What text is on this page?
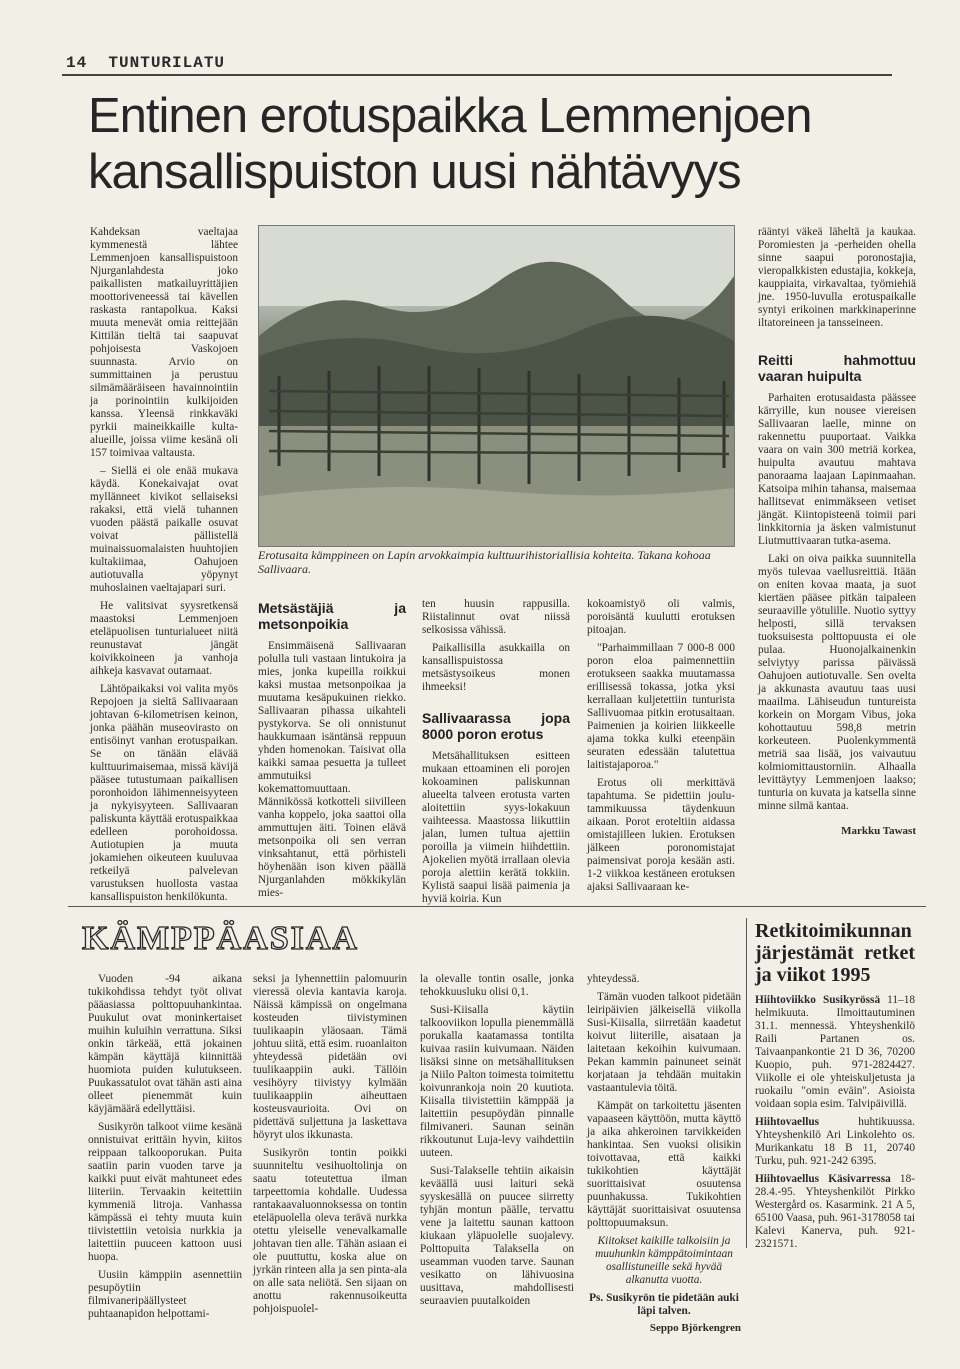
14 TUNTURILATU
Entinen erotuspaikka Lemmenjoen
kansallispuiston uusi nähtävyys

Kahdeksan vaeltajaa kymmenestä lähtee Lemmenjoen kansallispuistoon Njurganlahdesta joko paikallisten matkailuyrittäjien moottoriveneessä tai kävellen raskasta rantapolkua. Kaksi muuta menevät omia reittejään Kittilän tieltä tai saapuvat pohjoisesta Vaskojoen suunnasta. Arvio on summittainen ja perustuu silmämääräiseen havainnointiin ja porinointiin kulkijoiden kanssa. Yleensä rinkkaväki pyrkii maineikkaille kulta-alueille, joissa viime kesänä oli 157 toimivaa valtausta.

– Siellä ei ole enää mukava käydä. Konekaivajat ovat myllänneet kivikot sellaiseksi rakaksi, että vielä tuhannen vuoden päästä paikalle osuvat voivat pällistellä muinaissuomalaisten huuhtojien kultakiimaa, Oahujoen autiotuvalla yöpynyt muhoslainen vaeltajapari suri.

He valitsivat syysretkensä maastoksi Lemmenjoen eteläpuolisen tunturialueet niitä reunustavat jängät koivikkoineen ja vanhoja aihkeja kasvavat outamaat.

Lähtöpaikaksi voi valita myös Repojoen ja sieltä Sallivaaraan johtavan 6-kilometrisen keinon, jonka päähän museovirasto on entisöinyt vanhan erotuspaikan. Se on tänään elävää kulttuurimaisemaa, missä kävijä pääsee tutustumaan paikallisen poronhoidon lähimenneisyyteen ja nykyisyyteen. Sallivaaran paliskunta käyttää erotuspaikkaa edelleen porohoidossa. Autiotupien ja muuta jokamiehen oikeuteen kuuluvaa retkeilyä palvelevan varustuksen huollosta vastaa kansallispuiston henkilökunta.

Erotusaita kämppineen on Lapin arvokkaimpia kulttuurihistoriallisia kohteita. Takana kohoaa Sallivaara.
Metsästäjiä ja metsonpoikia

Ensimmäisenä Sallivaaran polulla tuli vastaan lintukoira ja mies, jonka kupeilla roikkui kaksi mustaa metsonpoikaa ja muutama kesäpukuinen riekko. Sallivaaran pihassa uikahteli pystykorva. Se oli onnistunut haukkumaan isäntänsä reppuun yhden homenokan. Taisivat olla kaikki samaa pesuetta ja tulleet ammutuiksi kokemattomuuttaan. Männikössä kotkotteli siivilleen vanha koppelo, joka saattoi olla ammuttujen äiti. Toinen elävä metsonpoika oli sen verran vinksahtanut, että pörhisteli höyhenään ison kiven päällä Njurganlahden mökkikylän mies-

ten huusin rappusilla. Riistalinnut ovat niissä selkosissa vähissä.

Paikallisilla asukkailla on kansallispuistossa metsästysoikeus monen ihmeeksi!

Sallivaarassa jopa 8000 poron erotus

Metsähallituksen esitteen mukaan ettoaminen eli porojen kokoaminen paliskunnan alueelta talveen erotusta varten aloitettiin syys-lokakuun vaihteessa. Maastossa liikuttiin jalan, lumen tultua ajettiin poroilla ja viimein hiihdettiin. Ajokelien myötä irrallaan olevia poroja alettiin kerätä tokkiin. Kylistä saapui lisää paimenia ja hyviä koiria. Kun

kokoamistyö oli valmis, poroisäntä kuulutti erotuksen pitoajan.

"Parhaimmillaan 7 000-8 000 poron eloa paimennettiin erotukseen saakka muutamassa erillisessä tokassa, jotka yksi kerrallaan kuljetettiin tunturista Sallivuomaa pitkin erotusaitaan. Paimenien ja koirien liikkeelle ajama tokka kulki eteenpäin seuraten edessään talutettua laitistajaporoa."

Erotus oli merkittävä tapahtuma. Se pidettiin joulu-tammikuussa täydenkuun aikaan. Porot eroteltiin aidassa omistajilleen lukien. Erotuksen jälkeen poronomistajat paimensivat poroja kesään asti. 1-2 viikkoa kestäneen erotuksen ajaksi Sallivaaraan ke-

rääntyi väkeä läheltä ja kaukaa. Poromiesten ja -perheiden ohella sinne saapui poronostajia, vieropalkkisten edustajia, kokkeja, kauppiaita, virkavaltaa, työmiehiä jne. 1950-luvulla erotuspaikalle syntyi erikoinen markkinaperinne iltatoreineen ja tansseineen.

Reitti hahmottuu vaaran huipulta

Parhaiten erotusaidasta päässee kärryille, kun nousee viereisen Sallivaaran laelle, minne on rakennettu puuportaat. Vaikka vaara on vain 300 metriä korkea, huipulta avautuu mahtava panoraama laajaan Lapinmaahan. Katsoipa mihin tahansa, maisemaa hallitsevat enimmäkseen vetiset jängät. Kiintopisteenä toimii pari linkkitornia ja äsken valmistunut Liutmuttivaaran tutka-asema.

Laki on oiva paikka suunnitella myös tulevaa vaellusreittiä. Itään on eniten kovaa maata, ja suot kiertäen pääsee pitkän taipaleen seuraaville yötulille. Nuotio syttyy helposti, sillä tervaksen tuoksuisesta polttopuusta ei ole pulaa. Huonojalkainenkin selviytyy parissa päivässä Oahujoen autiotuvalle. Sen ovelta ja akkunasta avautuu taas uusi maailma. Lähiseudun tuntureista korkein on Morgam Vibus, joka kohottautuu 598,8 metrin korkeuteen. Puolenkymmentä metriä saa lisää, jos vaivautuu kolmiomittaustorniin. Alhaalla levittäytyy Lemmenjoen laakso; tunturia on kuvata ja katsella sinne minne silmä kantaa.

Markku Tawast
KÄMPPÄASIAA

Vuoden -94 aikana tukikohdissa tehdyt työt olivat pääasiassa polttopuuhankintaa. Puukulut ovat moninkertaiset muihin kuluihin verrattuna. Siksi onkin tärkeää, että jokainen kämpän käyttäjä kiinnittää huomiota puiden kulutukseen. Puukassatulot ovat tähän asti aina olleet pienemmät kuin käyjämäärä edellyttäisi.

Susikyrön talkoot viime kesänä onnistuivat erittäin hyvin, kiitos reippaan talkooporukan. Puita saatiin parin vuoden tarve ja kaikki puut eivät mahtuneet edes liiteriin. Tervaakin keitettiin kymmeniä litroja. Vanhassa kämpässä ei tehty muuta kuin tiivistettiin vetoisia nurkkia ja laitettiin puuceen kattoon uusi huopa.

Uusiin kämppiin asennettiin pesupöytiin filmivaneripäällysteet puhtaanapidon helpottami-

seksi ja lyhennettiin palomuurin vieressä olevia kantavia karoja. Näissä kämpissä on ongelmana kosteuden tiivistyminen tuulikaapin yläosaan. Tämä johtuu siitä, että esim. ruoanlaiton yhteydessä pidetään ovi tuulikaappiin auki. Tällöin vesihöyry tiivistyy kylmään tuulikaappiin aiheuttaen kosteusvaurioita. Ovi on pidettävä suljettuna ja laskettava höyryt ulos ikkunasta.

Susikyrön tontin poikki suunniteltu vesihuoltolinja on saatu toteutettua ilman tarpeettomia kohdalle. Uudessa rantakaavaluonnoksessa on tontin eteläpuolella oleva terävä nurkka otettu yleiselle venevalkamalle johtavan tien alle. Tähän asiaan ei ole puuttuttu, koska alue on jyrkän rinteen alla ja sen pinta-ala on alle sata neliötä. Sen sijaan on anottu rakennusoikeutta pohjoispuolel-

la olevalle tontin osalle, jonka tehokkuusluku olisi 0,1.

Susi-Kiisalla käytiin talkooviikon lopulla pienemmällä porukalla kaatamassa tontilta kuivaa rasiin kuivumaan. Näiden lisäksi sinne on metsähallituksen ja Niilo Palton toimesta toimitettu koivunrankoja noin 20 kuutiota. Kiisalla tiivistettiin kämppää ja laitettiin pesupöydän pinnalle filmivaneri. Saunan seinän rikkoutunut Luja-levy vaihdettiin uuteen.

Susi-Talakselle tehtiin aikaisin keväällä uusi laituri sekä syyskesällä on puucee siirretty tyhjän montun päälle, tervattu vene ja laitettu saunan kattoon kiukaan yläpuolelle suojalevy. Polttopuita Talaksella on useamman vuoden tarve. Saunan vesikatto on lähivuosina uusittava, mahdollisesti seuraavien puutalkoiden

yhteydessä.

Tämän vuoden talkoot pidetään leiripäivien jälkeisellä viikolla Susi-Kiisalla, siirretään kaadetut koivut liiterille, aisataan ja laitetaan kekoihin kuivumaan. Pekan kammin painuneet seinät korjataan ja tehdään muitakin vastaantulevia töitä.

Kämpät on tarkoitettu jäsenten vapaaseen käyttöön, mutta käyttö ja aika ahkeroinen tarvikkeiden hankintaa. Sen vuoksi olisikin toivottavaa, että kaikki tukikohtien käyttäjät suorittaisivat osuutensa puunhakussa. Tukikohtien käyttäjät suorittaisivat osuutensa polttopuumaksun.

Kiitokset kaikille talkoisiin ja muuhunkin kämppätoimintaan osallistuneille sekä hyvää alkanutta vuotta.

Ps. Susikyrön tie pidetään auki läpi talven.

Seppo Björkengren
Retkitoimikunnan järjestämät retket ja viikot 1995

Hiihtoviikko Susikyrössä 11–18 helmikuuta. Ilmoittautuminen 31.1. mennessä. Yhteyshenkilö Raili Partanen os. Taivaanpankontie 21 D 36, 70200 Kuopio, puh. 971-2824427. Viikolle ei ole yhteiskuljetusta ja ruokailu "omin eväin". Asioista voidaan sopia esim. Talvipäivillä.

Hiihtovaellus huhtikuussa. Yhteyshenkilö Ari Linkolehto os. Murikankatu 18 B 11, 20740 Turku, puh. 921-242 6395.

Hiihtovaellus Käsivarressa 18-28.4.-95. Yhteyshenkilöt Pirkko Westergård os. Kasarmink. 21 A 5, 65100 Vaasa, puh. 961-3178058 tai Kalevi Kanerva, puh. 921-2321571.
